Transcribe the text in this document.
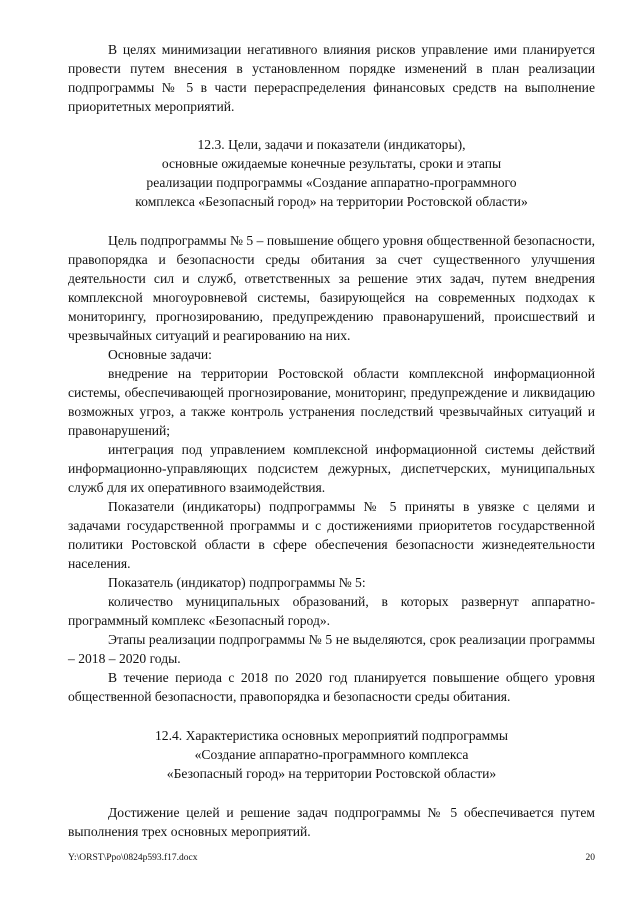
В целях минимизации негативного влияния рисков управление ими планируется провести путем внесения в установленном порядке изменений в план реализации подпрограммы № 5 в части перераспределения финансовых средств на выполнение приоритетных мероприятий.

12.3. Цели, задачи и показатели (индикаторы),

основные ожидаемые конечные результаты, сроки и этапы

реализации подпрограммы «Создание аппаратно-программного

комплекса «Безопасный город» на территории Ростовской области»

Цель подпрограммы № 5 – повышение общего уровня общественной безопасности, правопорядка и безопасности среды обитания за счет существенного улучшения деятельности сил и служб, ответственных за решение этих задач, путем внедрения комплексной многоуровневой системы, базирующейся на современных подходах к мониторингу, прогнозированию, предупреждению правонарушений, происшествий и чрезвычайных ситуаций и реагированию на них.

Основные задачи:

внедрение на территории Ростовской области комплексной информационной системы, обеспечивающей прогнозирование, мониторинг, предупреждение и ликвидацию возможных угроз, а также контроль устранения последствий чрезвычайных ситуаций и правонарушений;

интеграция под управлением комплексной информационной системы действий информационно-управляющих подсистем дежурных, диспетчерских, муниципальных служб для их оперативного взаимодействия.

Показатели (индикаторы) подпрограммы № 5 приняты в увязке с целями и задачами государственной программы и с достижениями приоритетов государственной политики Ростовской области в сфере обеспечения безопасности жизнедеятельности населения.

Показатель (индикатор) подпрограммы № 5:

количество муниципальных образований, в которых развернут аппаратно-программный комплекс «Безопасный город».

Этапы реализации подпрограммы № 5 не выделяются, срок реализации программы – 2018 – 2020 годы.

В течение периода с 2018 по 2020 год планируется повышение общего уровня общественной безопасности, правопорядка и безопасности среды обитания.

12.4. Характеристика основных мероприятий подпрограммы

«Создание аппаратно-программного комплекса

«Безопасный город» на территории Ростовской области»

Достижение целей и решение задач подпрограммы № 5 обеспечивается путем выполнения трех основных мероприятий.

Y:\ORST\Ppo\0824p593.f17.docx	20
